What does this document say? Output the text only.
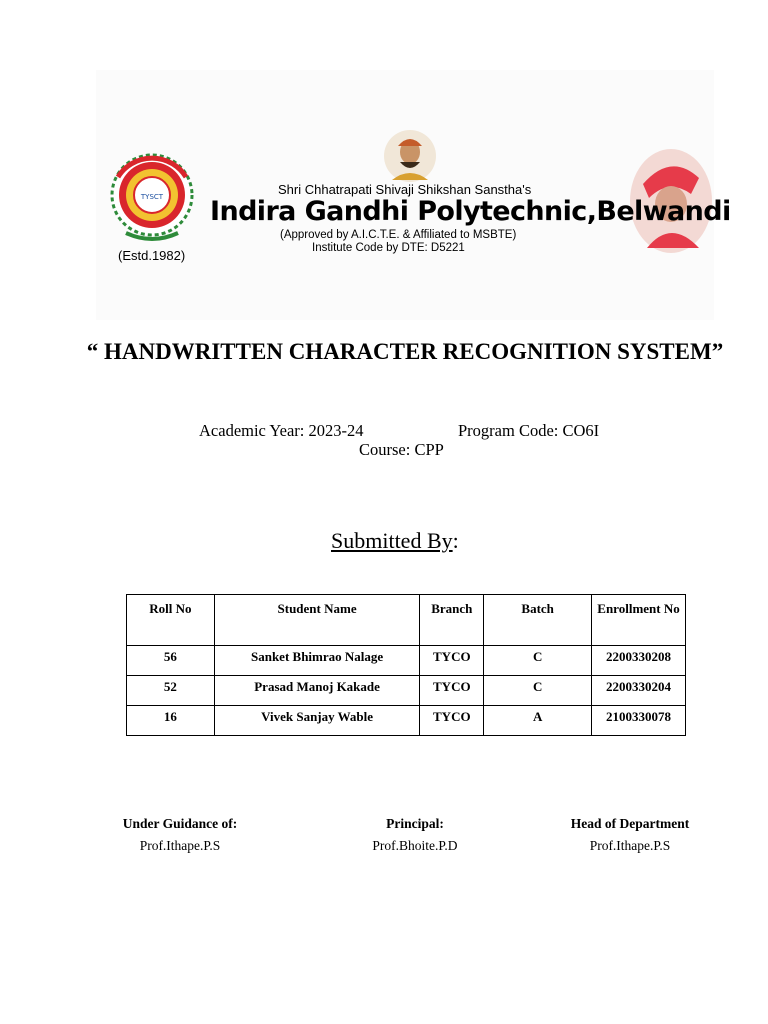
TYSCT
(Estd.1982)
Shri Chhatrapati Shivaji Shikshan Sanstha's
Indira Gandhi Polytechnic,Belwandi
(Approved by A.I.C.T.E. & Affiliated to MSBTE)
Institute Code by DTE: D5221
“ HANDWRITTEN CHARACTER RECOGNITION SYSTEM”
Academic Year: 2023-24	Program Code: CO6I
Course: CPP
Submitted By:
Roll No	Student Name	Branch	Batch	Enrollment No
56	Sanket Bhimrao Nalage	TYCO	C	2200330208
52	Prasad Manoj Kakade	TYCO	C	2200330204
16	Vivek Sanjay Wable	TYCO	A	2100330078
Under Guidance of:
Prof.Ithape.P.S
Principal:
Prof.Bhoite.P.D
Head of Department
Prof.Ithape.P.S
